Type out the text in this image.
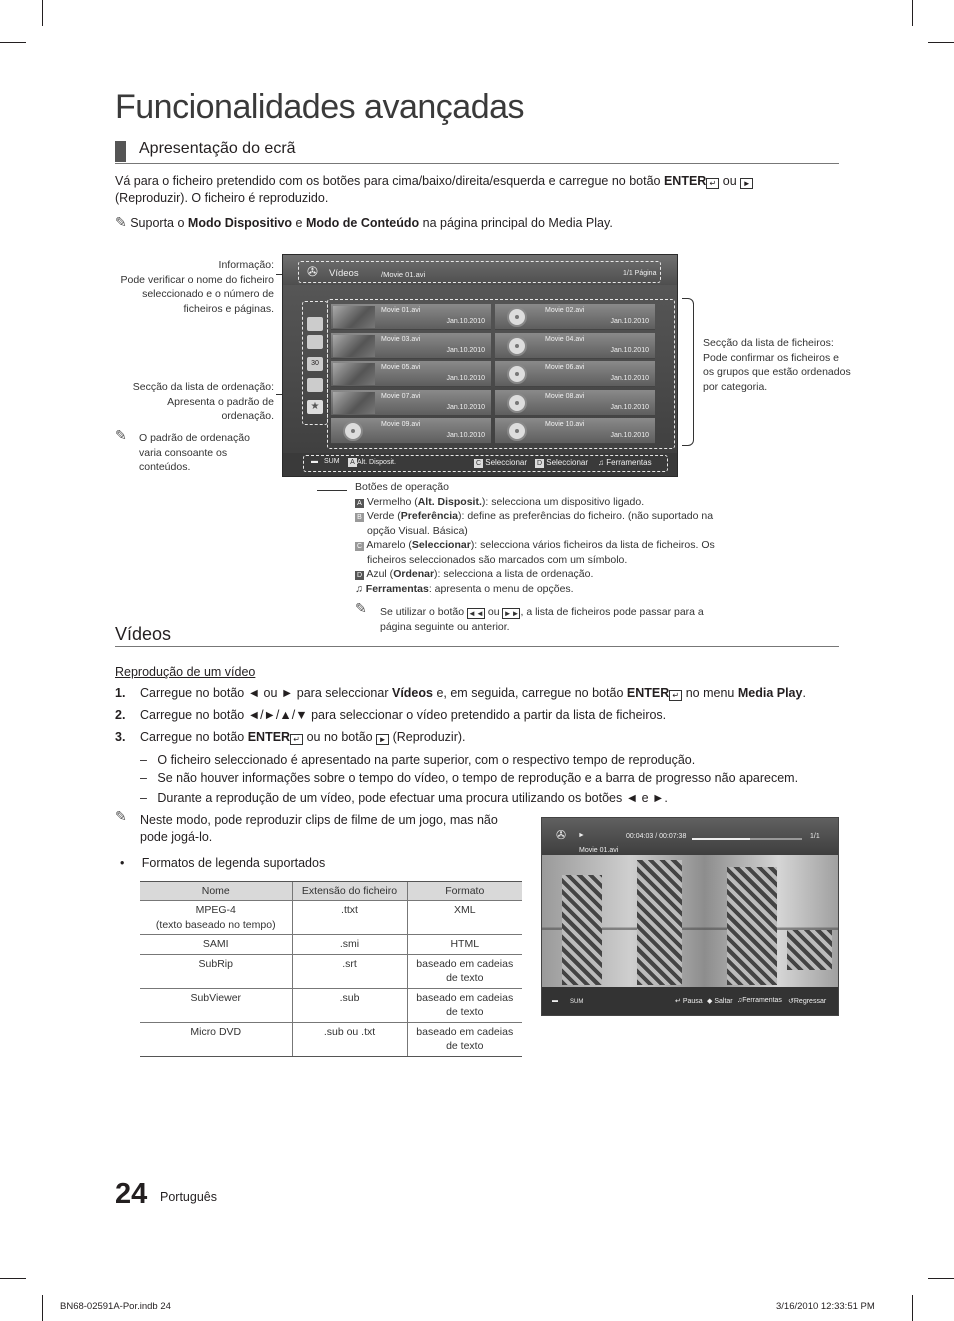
Funcionalidades avançadas
Apresentação do ecrã
Vá para o ficheiro pretendido com os botões para cima/baixo/direita/esquerda e carregue no botão ENTER ↵ ou ►
(Reproduzir). O ficheiro é reproduzido.
✎ Suporta o Modo Dispositivo e Modo de Conteúdo na página principal do Media Play.
Informação:
Pode verificar o nome do ficheiro
seleccionado e o número de
ficheiros e páginas.
Secção da lista de ordenação:
Apresenta o padrão de
ordenação.
✎ O padrão de ordenação
varia consoante os
conteúdos.
Secção da lista de ficheiros:
Pode confirmar os ficheiros e
os grupos que estão ordenados
por categoria.
✇ Vídeos	/Movie 01.avi	1/1 Página
30
★
Movie 01.avi
Jan.10.2010
Movie 02.avi
Jan.10.2010
Movie 03.avi
Jan.10.2010
Movie 04.avi
Jan.10.2010
Movie 05.avi
Jan.10.2010
Movie 06.avi
Jan.10.2010
Movie 07.avi
Jan.10.2010
Movie 08.avi
Jan.10.2010
Movie 09.avi
Jan.10.2010
Movie 10.avi
Jan.10.2010
▬ SUM	A Alt. Disposit.	C Seleccionar D Seleccionar ♫ Ferramentas
Botões de operação
A Vermelho (Alt. Disposit.): selecciona um dispositivo ligado.
B Verde (Preferência): define as preferências do ficheiro. (não suportado na
opção Visual. Básica)
C Amarelo (Seleccionar): selecciona vários ficheiros da lista de ficheiros. Os
ficheiros seleccionados são marcados com um símbolo.
D Azul (Ordenar): selecciona a lista de ordenação.
♫ Ferramentas: apresenta o menu de opções.
✎ Se utilizar o botão ◄◄ ou ►►, a lista de ficheiros pode passar para a
página seguinte ou anterior.
Vídeos
Reprodução de um vídeo
1. Carregue no botão ◄ ou ► para seleccionar Vídeos e, em seguida, carregue no botão ENTER ↵ no menu Media Play.
2. Carregue no botão ◄/►/▲/▼ para seleccionar o vídeo pretendido a partir da lista de ficheiros.
3. Carregue no botão ENTER ↵ ou no botão ► (Reproduzir).
–   O ficheiro seleccionado é apresentado na parte superior, com o respectivo tempo de reprodução.
–   Se não houver informações sobre o tempo do vídeo, o tempo de reprodução e a barra de progresso não aparecem.
–   Durante a reprodução de um vídeo, pode efectuar uma procura utilizando os botões ◄ e ►.
✎ Neste modo, pode reproduzir clips de filme de um jogo, mas não
pode jogá-lo.
•     Formatos de legenda suportados
Nome	Extensão do ficheiro	Formato

MPEG-4
(texto baseado no tempo)	.ttxt	XML

SAMI	.smi	HTML

SubRip	.srt	baseado em cadeias
de texto

SubViewer	.sub	baseado em cadeias
de texto

Micro DVD	.sub ou .txt	baseado em cadeias
de texto
✇ ►	00:04:03 / 00:07:38	1/1
Movie 01.avi
▬ SUM	↵ Pausa ◆ Saltar ♫Ferramentas ↺Regressar
24 Português
BN68-02591A-Por.indb 24	3/16/2010 12:33:51 PM
